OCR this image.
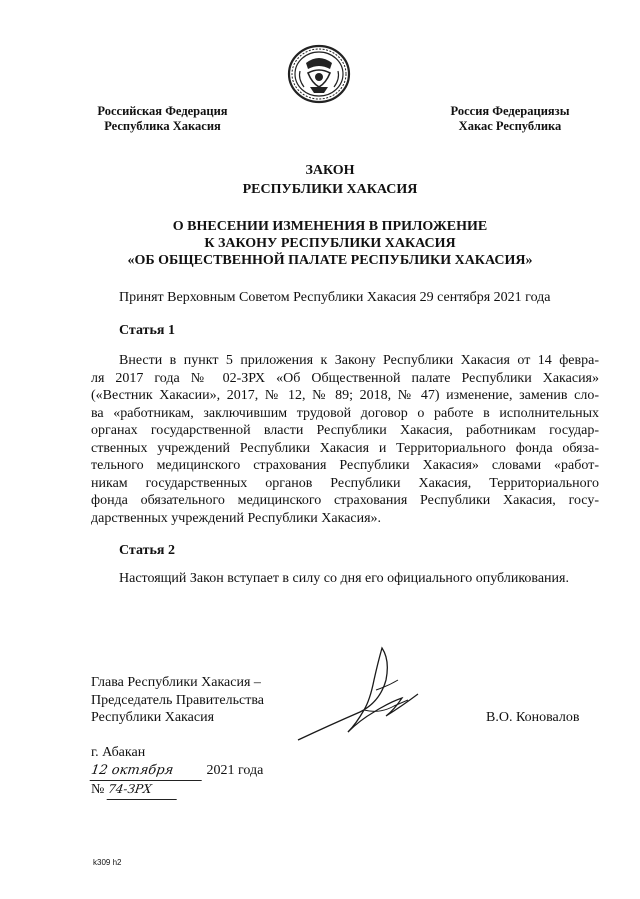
Российская Федерация
Республика Хакасия
Россия Федерациязы
Хакас Республика
ЗАКОН
РЕСПУБЛИКИ ХАКАСИЯ
О ВНЕСЕНИИ ИЗМЕНЕНИЯ В ПРИЛОЖЕНИЕ
К ЗАКОНУ РЕСПУБЛИКИ ХАКАСИЯ
«ОБ ОБЩЕСТВЕННОЙ ПАЛАТЕ РЕСПУБЛИКИ ХАКАСИЯ»
Принят Верховным Советом Республики Хакасия 29 сентября 2021 года
Статья 1
Внести в пункт 5 приложения к Закону Республики Хакасия от 14 февра-
ля 2017 года № 02-ЗРХ «Об Общественной палате Республики Хакасия»
(«Вестник Хакасии», 2017, № 12, № 89; 2018, № 47) изменение, заменив сло-
ва «работникам, заключившим трудовой договор о работе в исполнительных
органах государственной власти Республики Хакасия, работникам государ-
ственных учреждений Республики Хакасия и Территориального фонда обяза-
тельного медицинского страхования Республики Хакасия» словами «работ-
никам государственных органов Республики Хакасия, Территориального
фонда обязательного медицинского страхования Республики Хакасия, госу-
дарственных учреждений Республики Хакасия».
Статья 2
Настоящий Закон вступает в силу со дня его официального опубликования.
Глава Республики Хакасия –
Председатель Правительства
Республики Хакасия	В.О. Коновалов
г. Абакан
12 октября 2021 года
№ 74-ЗРХ
k309 h2
